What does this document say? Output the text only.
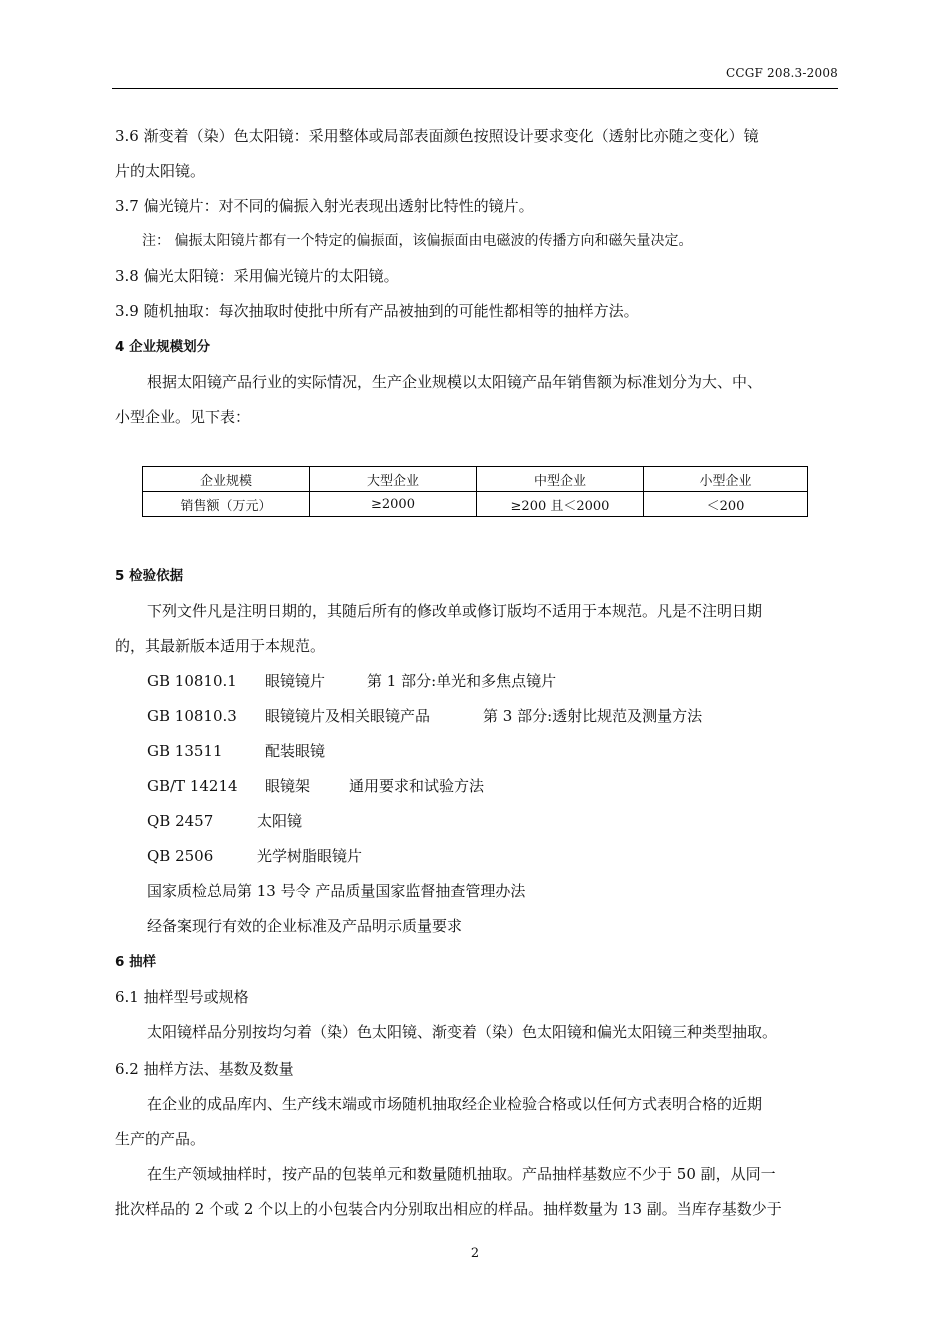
CCGF 208.3-2008
3.6 渐变着（染）色太阳镜：采用整体或局部表面颜色按照设计要求变化（透射比亦随之变化）镜
片的太阳镜。
3.7 偏光镜片：对不同的偏振入射光表现出透射比特性的镜片。
注： 偏振太阳镜片都有一个特定的偏振面，该偏振面由电磁波的传播方向和磁矢量决定。
3.8 偏光太阳镜：采用偏光镜片的太阳镜。
3.9 随机抽取：每次抽取时使批中所有产品被抽到的可能性都相等的抽样方法。
4 企业规模划分
根据太阳镜产品行业的实际情况，生产企业规模以太阳镜产品年销售额为标准划分为大、中、
小型企业。见下表：
企业规模	大型企业	中型企业	小型企业
销售额（万元）	≥2000	≥200 且＜2000	＜200
5 检验依据
下列文件凡是注明日期的，其随后所有的修改单或修订版均不适用于本规范。凡是不注明日期
的，其最新版本适用于本规范。
GB 10810.1 眼镜镜片	第 1 部分:单光和多焦点镜片
GB 10810.3 眼镜镜片及相关眼镜产品	第 3 部分:透射比规范及测量方法
GB 13511	配装眼镜
GB/T 14214 眼镜架	通用要求和试验方法
QB 2457	太阳镜
QB 2506	光学树脂眼镜片
国家质检总局第 13 号令 产品质量国家监督抽查管理办法
经备案现行有效的企业标准及产品明示质量要求
6 抽样
6.1 抽样型号或规格
太阳镜样品分别按均匀着（染）色太阳镜、渐变着（染）色太阳镜和偏光太阳镜三种类型抽取。
6.2 抽样方法、基数及数量
在企业的成品库内、生产线末端或市场随机抽取经企业检验合格或以任何方式表明合格的近期
生产的产品。
在生产领域抽样时，按产品的包装单元和数量随机抽取。产品抽样基数应不少于 50 副，从同一
批次样品的 2 个或 2 个以上的小包装合内分别取出相应的样品。抽样数量为 13 副。当库存基数少于
2
